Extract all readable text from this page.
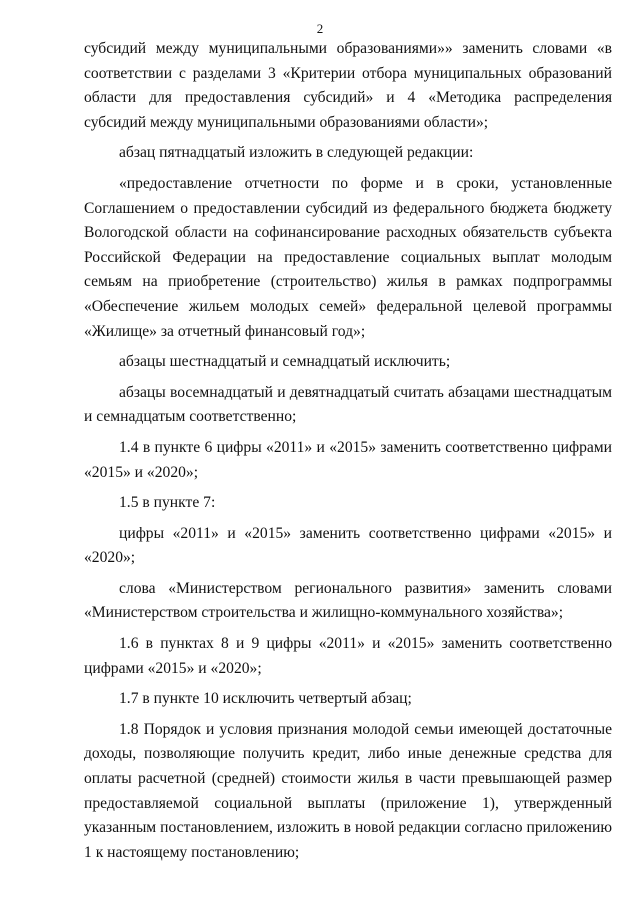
2

субсидий между муниципальными образованиями»» заменить словами «в соответствии с разделами 3 «Критерии отбора муниципальных образований области для предоставления субсидий» и 4 «Методика распределения субсидий между муниципальными образованиями области»;

абзац пятнадцатый изложить в следующей редакции:

«предоставление отчетности по форме и в сроки, установленные Соглашением о предоставлении субсидий из федерального бюджета бюджету Вологодской области на софинансирование расходных обязательств субъекта Российской Федерации на предоставление социальных выплат молодым семьям на приобретение (строительство) жилья в рамках подпрограммы «Обеспечение жильем молодых семей» федеральной целевой программы «Жилище» за отчетный финансовый год»;

абзацы шестнадцатый и семнадцатый исключить;

абзацы восемнадцатый и девятнадцатый считать абзацами шестнадцатым и семнадцатым соответственно;

1.4 в пункте 6 цифры «2011» и «2015» заменить соответственно цифрами «2015» и «2020»;

1.5 в пункте 7:

цифры «2011» и «2015» заменить соответственно цифрами «2015» и «2020»;

слова «Министерством регионального развития» заменить словами «Министерством строительства и жилищно-коммунального хозяйства»;

1.6 в пунктах 8 и 9 цифры «2011» и «2015» заменить соответственно цифрами «2015» и «2020»;

1.7 в пункте 10 исключить четвертый абзац;

1.8 Порядок и условия признания молодой семьи имеющей достаточные доходы, позволяющие получить кредит, либо иные денежные средства для оплаты расчетной (средней) стоимости жилья в части превышающей размер предоставляемой социальной выплаты (приложение 1), утвержденный указанным постановлением, изложить в новой редакции согласно приложению 1 к настоящему постановлению;
